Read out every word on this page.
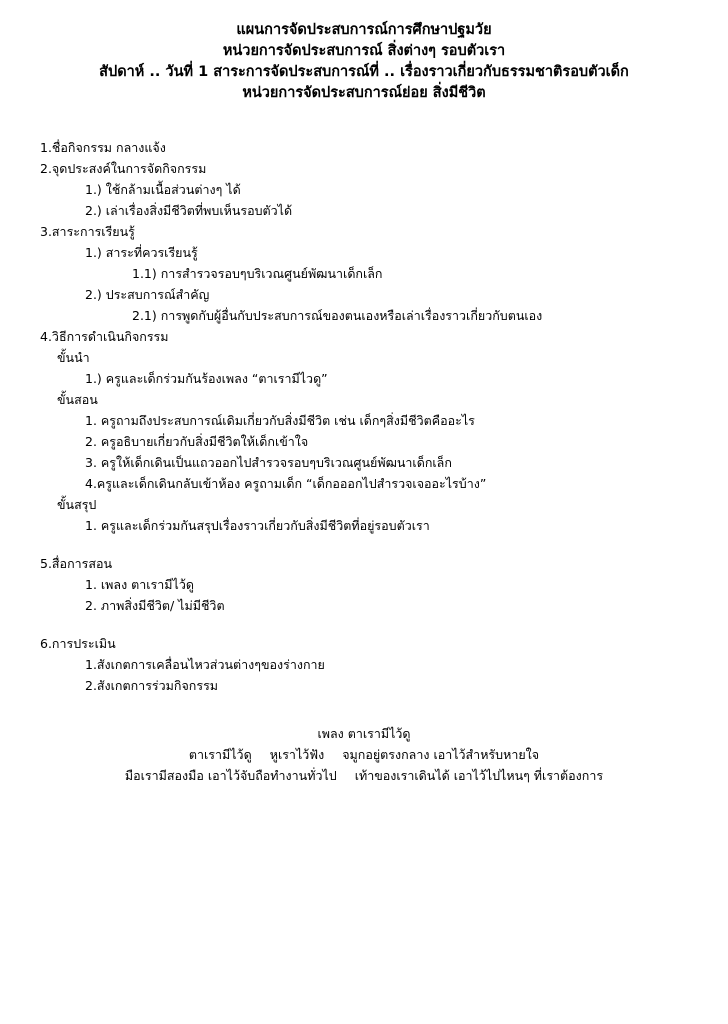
แผนการจัดประสบการณ์การศึกษาปฐมวัย
หน่วยการจัดประสบการณ์ สิ่งต่างๆ รอบตัวเรา
สัปดาห์ .. วันที่ 1 สาระการจัดประสบการณ์ที่ .. เรื่องราวเกี่ยวกับธรรมชาติรอบตัวเด็ก
หน่วยการจัดประสบการณ์ย่อย สิ่งมีชีวิต
1.ชื่อกิจกรรม กลางแจ้ง
2.จุดประสงค์ในการจัดกิจกรรม
1.) ใช้กล้ามเนื้อส่วนต่างๆ ได้
2.) เล่าเรื่องสิ่งมีชีวิตที่พบเห็นรอบตัวได้
3.สาระการเรียนรู้
1.) สาระที่ควรเรียนรู้
1.1) การสำรวจรอบๆบริเวณศูนย์พัฒนาเด็กเล็ก
2.) ประสบการณ์สำคัญ
2.1) การพูดกับผู้อื่นกับประสบการณ์ของตนเองหรือเล่าเรื่องราวเกี่ยวกับตนเอง
4.วิธีการดำเนินกิจกรรม
ขั้นนำ
1.) ครูและเด็กร่วมกันร้องเพลง “ตาเรามีไวดู”
ขั้นสอน
1. ครูถามถึงประสบการณ์เดิมเกี่ยวกับสิ่งมีชีวิต เช่น เด็กๆสิ่งมีชีวิตคืออะไร
2. ครูอธิบายเกี่ยวกับสิ่งมีชีวิตให้เด็กเข้าใจ
3. ครูให้เด็กเดินเป็นแถวออกไปสำรวจรอบๆบริเวณศูนย์พัฒนาเด็กเล็ก
4.ครูและเด็กเดินกลับเข้าห้อง ครูถามเด็ก “เด็กอออกไปสำรวจเจออะไรบ้าง”
ขั้นสรุป
1. ครูและเด็กร่วมกันสรุปเรื่องราวเกี่ยวกับสิ่งมีชีวิตที่อยู่รอบตัวเรา
5.สื่อการสอน
1. เพลง ตาเรามีไว้ดู
2. ภาพสิ่งมีชีวิต/ ไม่มีชีวิต
6.การประเมิน
1.สังเกตการเคลื่อนไหวส่วนต่างๆของร่างกาย
2.สังเกตการร่วมกิจกรรม
เพลง ตาเรามีไว้ดู
ตาเรามีไว้ดู หูเราไว้ฟัง จมูกอยู่ตรงกลาง เอาไว้สำหรับหายใจ
มือเรามีสองมือ เอาไว้จับถือทำงานทั่วไป เท้าของเราเดินได้ เอาไว้ไปไหนๆ ที่เราต้องการ
